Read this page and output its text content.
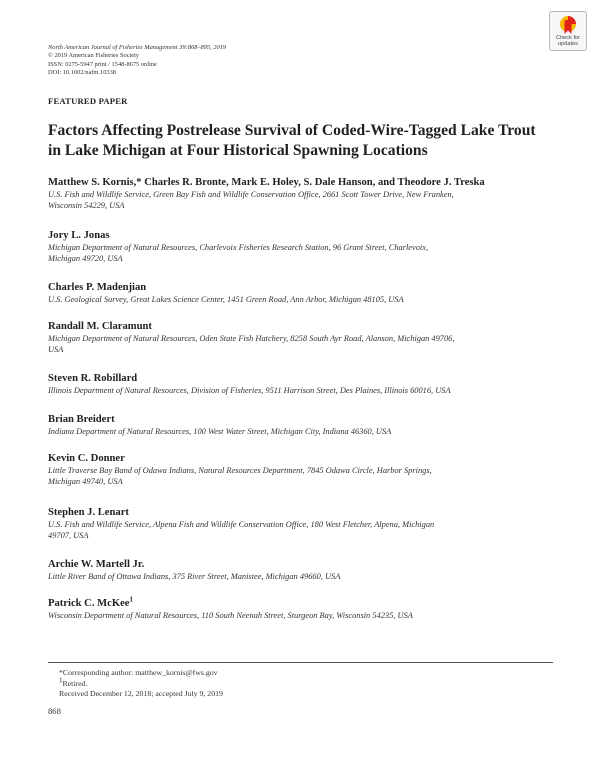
North American Journal of Fisheries Management 39:868–895, 2019
© 2019 American Fisheries Society
ISSN: 0275-5947 print / 1548-8675 online
DOI: 10.1002/nafm.10338
Check for
updates
FEATURED PAPER
Factors Affecting Postrelease Survival of Coded-Wire-Tagged Lake Trout
in Lake Michigan at Four Historical Spawning Locations
Matthew S. Kornis,* Charles R. Bronte, Mark E. Holey, S. Dale Hanson, and Theodore J. Treska
U.S. Fish and Wildlife Service, Green Bay Fish and Wildlife Conservation Office, 2661 Scott Tower Drive, New Franken,
Wisconsin 54229, USA
Jory L. Jonas
Michigan Department of Natural Resources, Charlevoix Fisheries Research Station, 96 Grant Street, Charlevoix,
Michigan 49720, USA
Charles P. Madenjian
U.S. Geological Survey, Great Lakes Science Center, 1451 Green Road, Ann Arbor, Michigan 48105, USA
Randall M. Claramunt
Michigan Department of Natural Resources, Oden State Fish Hatchery, 8258 South Ayr Road, Alanson, Michigan 49706,
USA
Steven R. Robillard
Illinois Department of Natural Resources, Division of Fisheries, 9511 Harrison Street, Des Plaines, Illinois 60016, USA
Brian Breidert
Indiana Department of Natural Resources, 100 West Water Street, Michigan City, Indiana 46360, USA
Kevin C. Donner
Little Traverse Bay Band of Odawa Indians, Natural Resources Department, 7845 Odawa Circle, Harbor Springs,
Michigan 49740, USA
Stephen J. Lenart
U.S. Fish and Wildlife Service, Alpena Fish and Wildlife Conservation Office, 180 West Fletcher, Alpena, Michigan
49707, USA
Archie W. Martell Jr.
Little River Band of Ottawa Indians, 375 River Street, Manistee, Michigan 49660, USA
Patrick C. McKee$^1$
Wisconsin Department of Natural Resources, 110 South Neenah Street, Sturgeon Bay, Wisconsin 54235, USA
*Corresponding author: matthew_kornis@fws.gov
1Retired.
Received December 12, 2018; accepted July 9, 2019
868
